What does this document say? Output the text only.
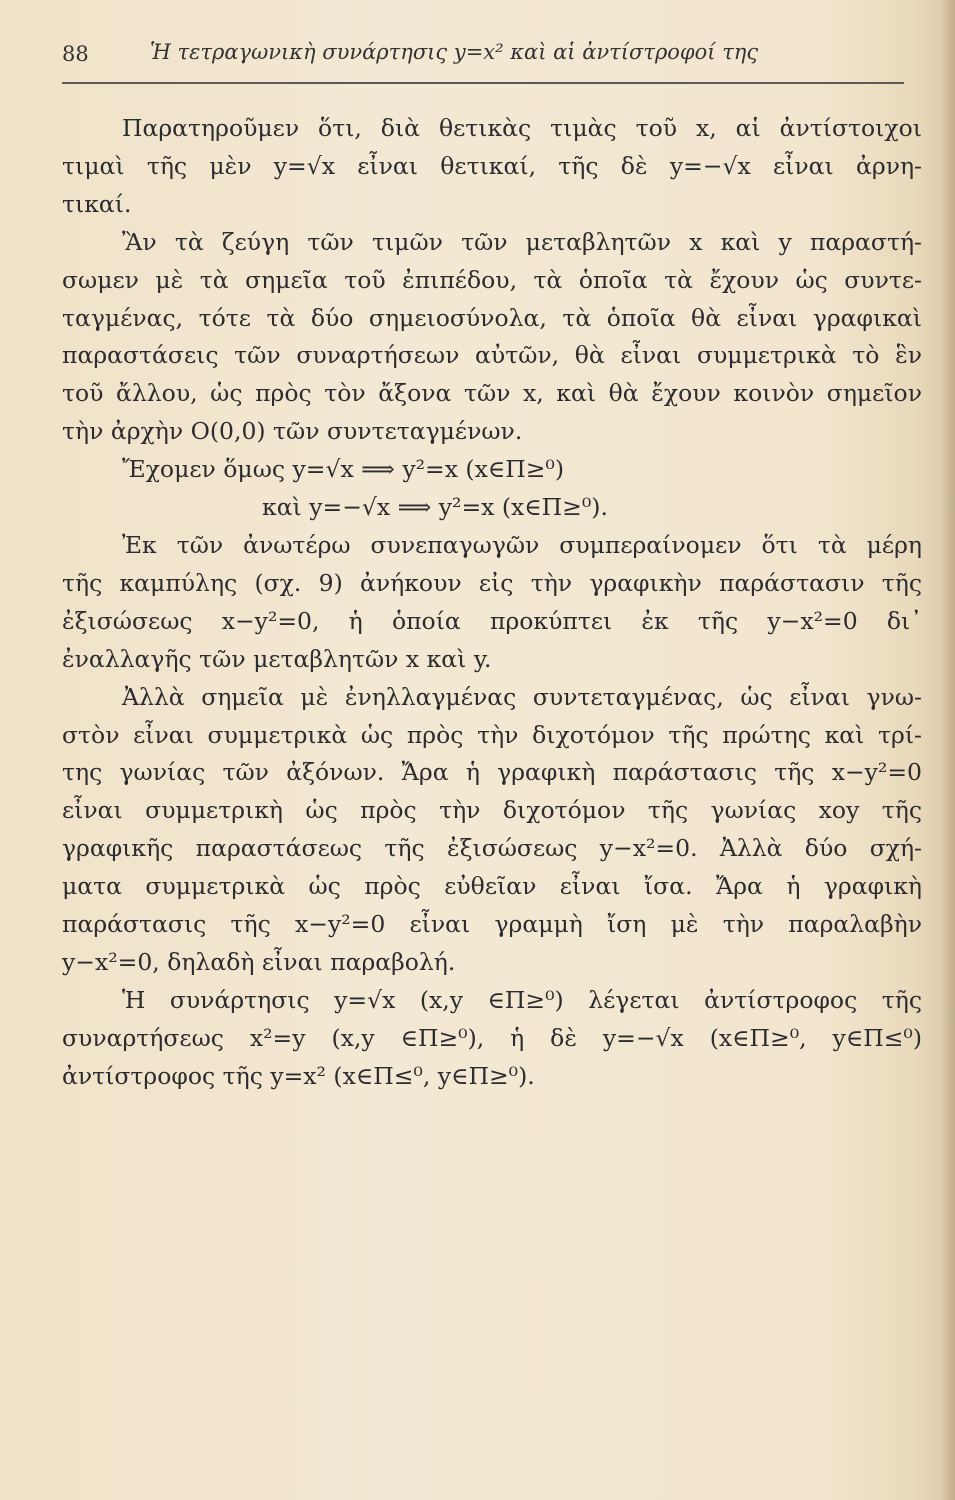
88	Ἡ τετραγωνικὴ συνάρτησις y=x² καὶ αἱ ἀντίστροφοί της
Παρατηροῦμεν ὅτι, διὰ θετικὰς τιμὰς τοῦ x, αἱ ἀντίστοιχοι
τιμαὶ τῆς μὲν y=√x εἶναι θετικαί, τῆς δὲ y=−√x εἶναι ἀρνη-
τικαί.
Ἂν τὰ ζεύγη τῶν τιμῶν τῶν μεταβλητῶν x καὶ y παραστή-
σωμεν μὲ τὰ σημεῖα τοῦ ἐπιπέδου, τὰ ὁποῖα τὰ ἔχουν ὡς συντε-
ταγμένας, τότε τὰ δύο σημειοσύνολα, τὰ ὁποῖα θὰ εἶναι γραφικαὶ
παραστάσεις τῶν συναρτήσεων αὐτῶν, θὰ εἶναι συμμετρικὰ τὸ ἓν
τοῦ ἄλλου, ὡς πρὸς τὸν ἄξονα τῶν x, καὶ θὰ ἔχουν κοινὸν σημεῖον
τὴν ἀρχὴν O(0,0) τῶν συντεταγμένων.
Ἔχομεν ὅμως y=√x ⟹ y²=x (x∈Π≥⁰)
καὶ y=−√x ⟹ y²=x (x∈Π≥⁰).
Ἐκ τῶν ἀνωτέρω συνεπαγωγῶν συμπεραίνομεν ὅτι τὰ μέρη
τῆς καμπύλης (σχ. 9) ἀνήκουν εἰς τὴν γραφικὴν παράστασιν τῆς
ἐξισώσεως x−y²=0, ἡ ὁποία προκύπτει ἐκ τῆς y−x²=0 δι᾽
ἐναλλαγῆς τῶν μεταβλητῶν x καὶ y.
Ἀλλὰ σημεῖα μὲ ἐνηλλαγμένας συντεταγμένας, ὡς εἶναι γνω-
στὸν εἶναι συμμετρικὰ ὡς πρὸς τὴν διχοτόμον τῆς πρώτης καὶ τρί-
της γωνίας τῶν ἀξόνων. Ἄρα ἡ γραφικὴ παράστασις τῆς x−y²=0
εἶναι συμμετρικὴ ὡς πρὸς τὴν διχοτόμον τῆς γωνίας xoy τῆς
γραφικῆς παραστάσεως τῆς ἐξισώσεως y−x²=0. Ἀλλὰ δύο σχή-
ματα συμμετρικὰ ὡς πρὸς εὐθεῖαν εἶναι ἴσα. Ἄρα ἡ γραφικὴ
παράστασις τῆς x−y²=0 εἶναι γραμμὴ ἴση μὲ τὴν παραλαβὴν
y−x²=0, δηλαδὴ εἶναι παραβολή.
Ἡ συνάρτησις y=√x (x,y ∈Π≥⁰) λέγεται ἀντίστροφος τῆς
συναρτήσεως x²=y (x,y ∈Π≥⁰), ἡ δὲ y=−√x (x∈Π≥⁰, y∈Π≤⁰)
ἀντίστροφος τῆς y=x² (x∈Π≤⁰, y∈Π≥⁰).
